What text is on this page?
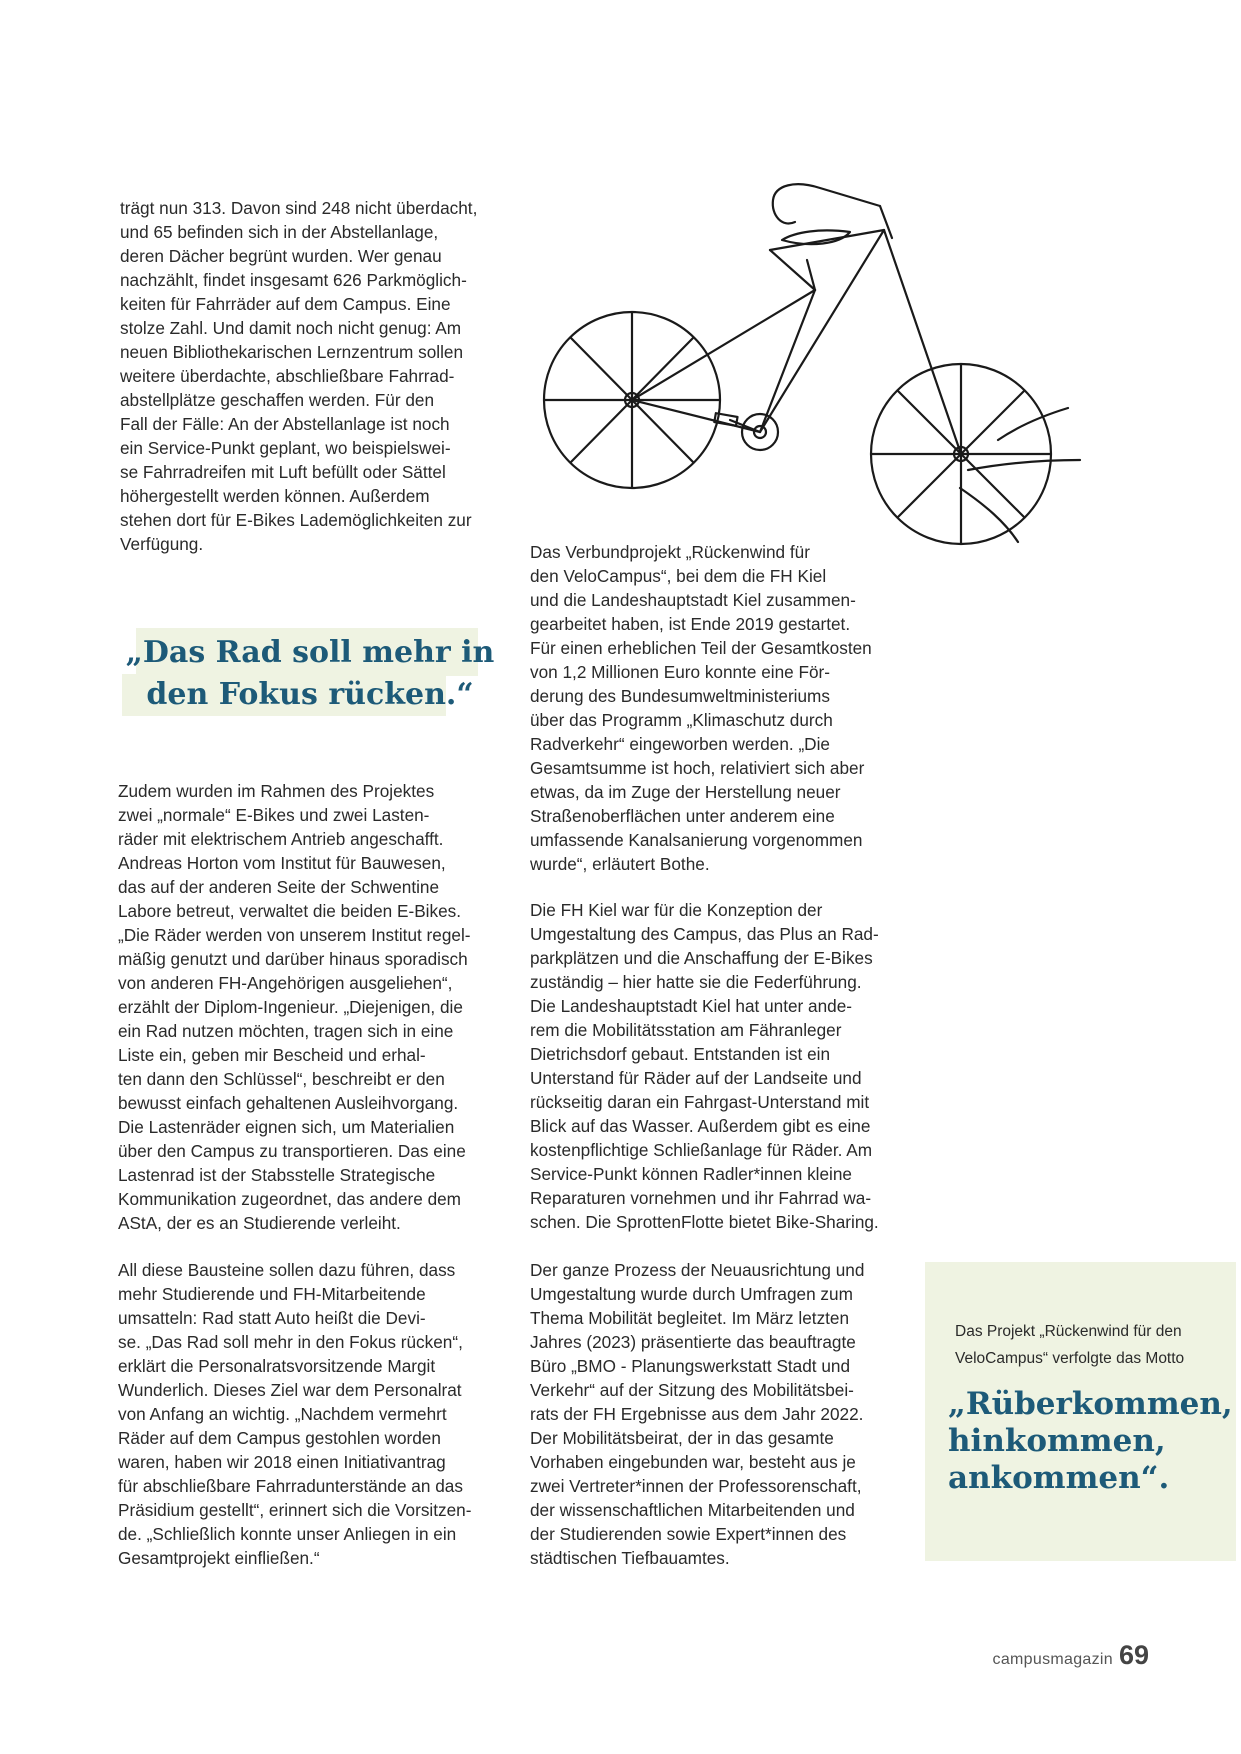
trägt nun 313. Davon sind 248 nicht überdacht,
und 65 befinden sich in der Abstellanlage,
deren Dächer begrünt wurden. Wer genau
nachzählt, findet insgesamt 626 Parkmöglich-
keiten für Fahrräder auf dem Campus. Eine
stolze Zahl. Und damit noch nicht genug: Am
neuen Bibliothekarischen Lernzentrum sollen
weitere überdachte, abschließbare Fahrrad-
abstellplätze geschaffen werden. Für den
Fall der Fälle: An der Abstellanlage ist noch
ein Service-Punkt geplant, wo beispielswei-
se Fahrradreifen mit Luft befüllt oder Sättel
höhergestellt werden können. Außerdem
stehen dort für E-Bikes Lademöglichkeiten zur
Verfügung.

„Das Rad soll mehr in
den Fokus rücken.“

Zudem wurden im Rahmen des Projektes
zwei „normale“ E-Bikes und zwei Lasten-
räder mit elektrischem Antrieb angeschafft.
Andreas Horton vom Institut für Bauwesen,
das auf der anderen Seite der Schwentine
Labore betreut, verwaltet die beiden E-Bikes.
„Die Räder werden von unserem Institut regel-
mäßig genutzt und darüber hinaus sporadisch
von anderen FH-Angehörigen ausgeliehen“,
erzählt der Diplom-Ingenieur. „Diejenigen, die
ein Rad nutzen möchten, tragen sich in eine
Liste ein, geben mir Bescheid und erhal-
ten dann den Schlüssel“, beschreibt er den
bewusst einfach gehaltenen Ausleihvorgang.
Die Lastenräder eignen sich, um Materialien
über den Campus zu transportieren. Das eine
Lastenrad ist der Stabsstelle Strategische
Kommunikation zugeordnet, das andere dem
AStA, der es an Studierende verleiht.
All diese Bausteine sollen dazu führen, dass
mehr Studierende und FH-Mitarbeitende
umsatteln: Rad statt Auto heißt die Devi-
se. „Das Rad soll mehr in den Fokus rücken“,
erklärt die Personalratsvorsitzende Margit
Wunderlich. Dieses Ziel war dem Personalrat
von Anfang an wichtig. „Nachdem vermehrt
Räder auf dem Campus gestohlen worden
waren, haben wir 2018 einen Initiativantrag
für abschließbare Fahrradunterstände an das
Präsidium gestellt“, erinnert sich die Vorsitzen-
de. „Schließlich konnte unser Anliegen in ein
Gesamtprojekt einfließen.“
Das Verbundprojekt „Rückenwind für
den VeloCampus“, bei dem die FH Kiel
und die Landeshauptstadt Kiel zusammen-
gearbeitet haben, ist Ende 2019 gestartet.
Für einen erheblichen Teil der Gesamtkosten
von 1,2 Millionen Euro konnte eine För-
derung des Bundesumweltministeriums
über das Programm „Klimaschutz durch
Radverkehr“ eingeworben werden. „Die
Gesamtsumme ist hoch, relativiert sich aber
etwas, da im Zuge der Herstellung neuer
Straßenoberflächen unter anderem eine
umfassende Kanalsanierung vorgenommen
wurde“, erläutert Bothe.
Die FH Kiel war für die Konzeption der
Umgestaltung des Campus, das Plus an Rad-
parkplätzen und die Anschaffung der E-Bikes
zuständig – hier hatte sie die Federführung.
Die Landeshauptstadt Kiel hat unter ande-
rem die Mobilitätsstation am Fähranleger
Dietrichsdorf gebaut. Entstanden ist ein
Unterstand für Räder auf der Landseite und
rückseitig daran ein Fahrgast-Unterstand mit
Blick auf das Wasser. Außerdem gibt es eine
kostenpflichtige Schließanlage für Räder. Am
Service-Punkt können Radler*innen kleine
Reparaturen vornehmen und ihr Fahrrad wa-
schen. Die SprottenFlotte bietet Bike-Sharing.
Der ganze Prozess der Neuausrichtung und
Umgestaltung wurde durch Umfragen zum
Thema Mobilität begleitet. Im März letzten
Jahres (2023) präsentierte das beauftragte
Büro „BMO - Planungswerkstatt Stadt und
Verkehr“ auf der Sitzung des Mobilitätsbei-
rats der FH Ergebnisse aus dem Jahr 2022.
Der Mobilitätsbeirat, der in das gesamte
Vorhaben eingebunden war, besteht aus je
zwei Vertreter*innen der Professorenschaft,
der wissenschaftlichen Mitarbeitenden und
der Studierenden sowie Expert*innen des
städtischen Tiefbauamtes.

Das Projekt „Rückenwind für den
VeloCampus“ verfolgte das Motto

„Rüberkommen,
hinkommen,
ankommen“.

campusmagazin 69
